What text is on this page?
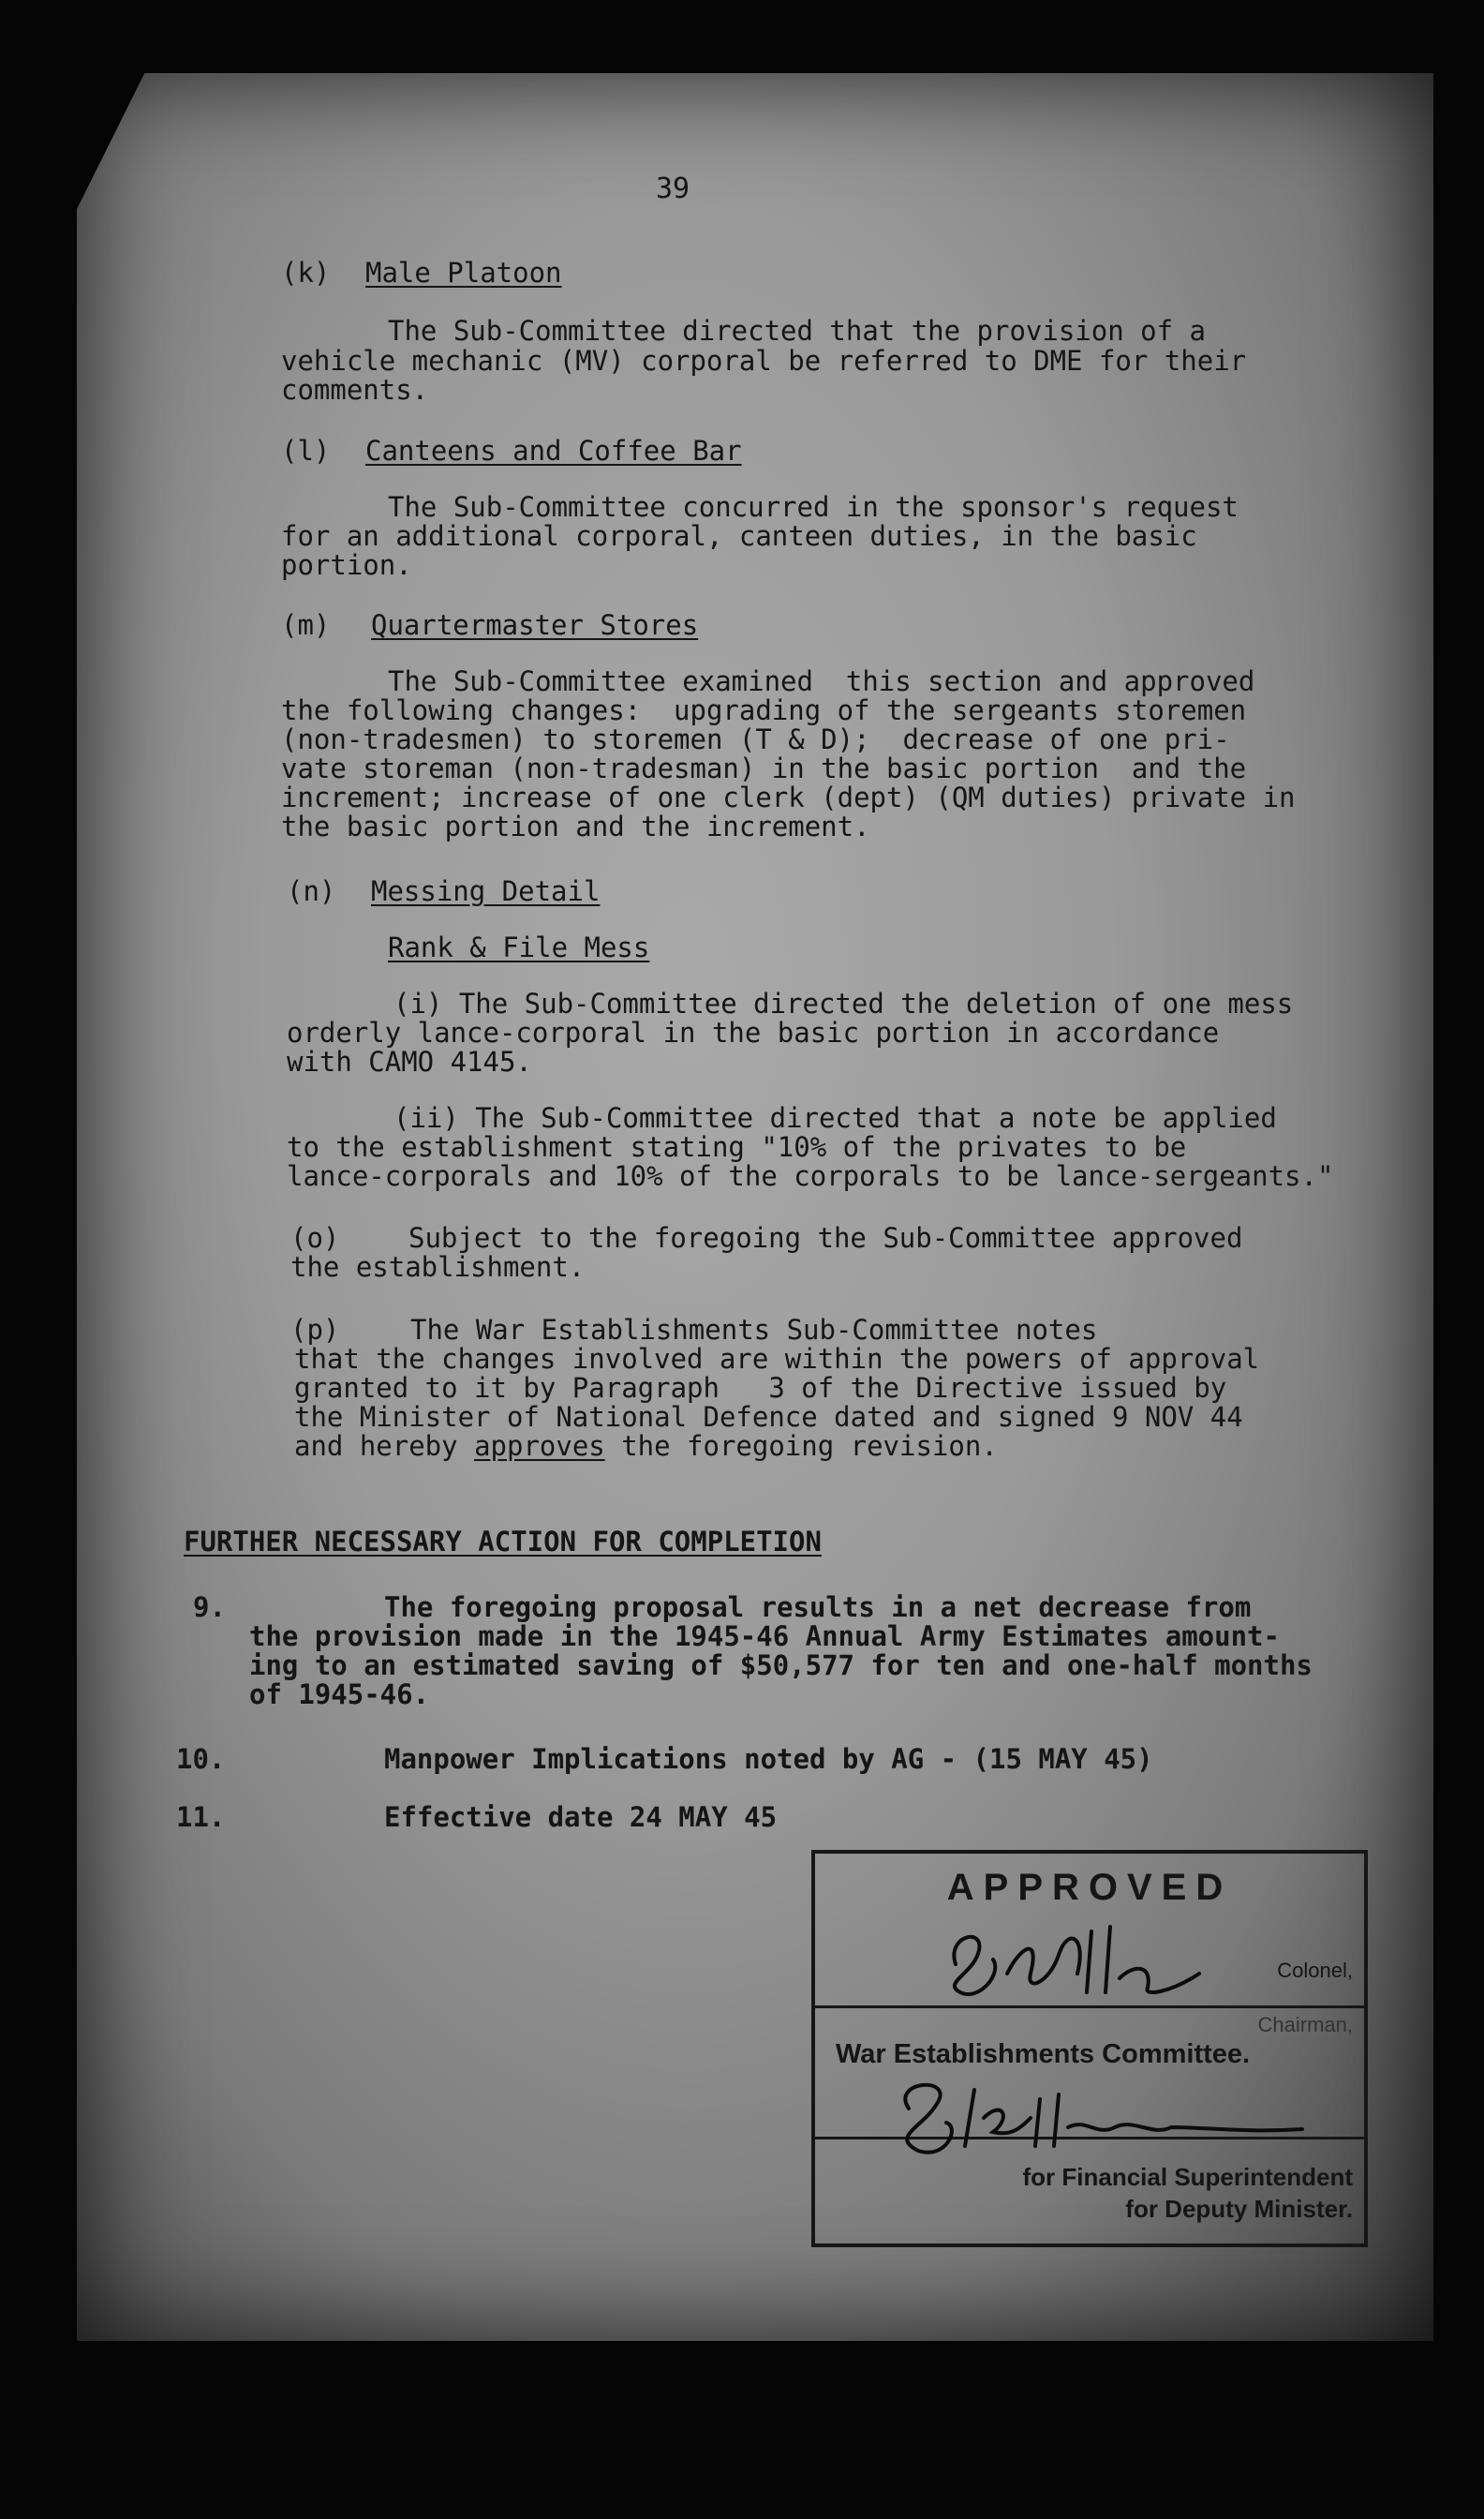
39

(k) Male Platoon

The Sub-Committee directed that the provision of a

vehicle mechanic (MV) corporal be referred to DME for their

comments.

(l) Canteens and Coffee Bar

The Sub-Committee concurred in the sponsor's request

for an additional corporal, canteen duties, in the basic

portion.

(m) Quartermaster Stores

The Sub-Committee examined  this section and approved

the following changes:  upgrading of the sergeants storemen

(non-tradesmen) to storemen (T & D);  decrease of one pri-

vate storeman (non-tradesman) in the basic portion  and the

increment; increase of one clerk (dept) (QM duties) private in

the basic portion and the increment.

(n) Messing Detail

Rank & File Mess

(i) The Sub-Committee directed the deletion of one mess

orderly lance-corporal in the basic portion in accordance

with CAMO 4145.

(ii) The Sub-Committee directed that a note be applied

to the establishment stating "10% of the privates to be

lance-corporals and 10% of the corporals to be lance-sergeants."

(o)	Subject to the foregoing the Sub-Committee approved

the establishment.

(p)	The War Establishments Sub-Committee notes

that the changes involved are within the powers of approval

granted to it by Paragraph   3 of the Directive issued by

the Minister of National Defence dated and signed 9 NOV 44

and hereby approves the foregoing revision.

FURTHER NECESSARY ACTION FOR COMPLETION

9.	The foregoing proposal results in a net decrease from

the provision made in the 1945-46 Annual Army Estimates amount-

ing to an estimated saving of $50,577 for ten and one-half months

of 1945-46.

10.	Manpower Implications noted by AG - (15 MAY 45)

11.	Effective date 24 MAY 45

APPROVED

Colonel,

Chairman,

War Establishments Committee.

for Financial Superintendent

for Deputy Minister.
